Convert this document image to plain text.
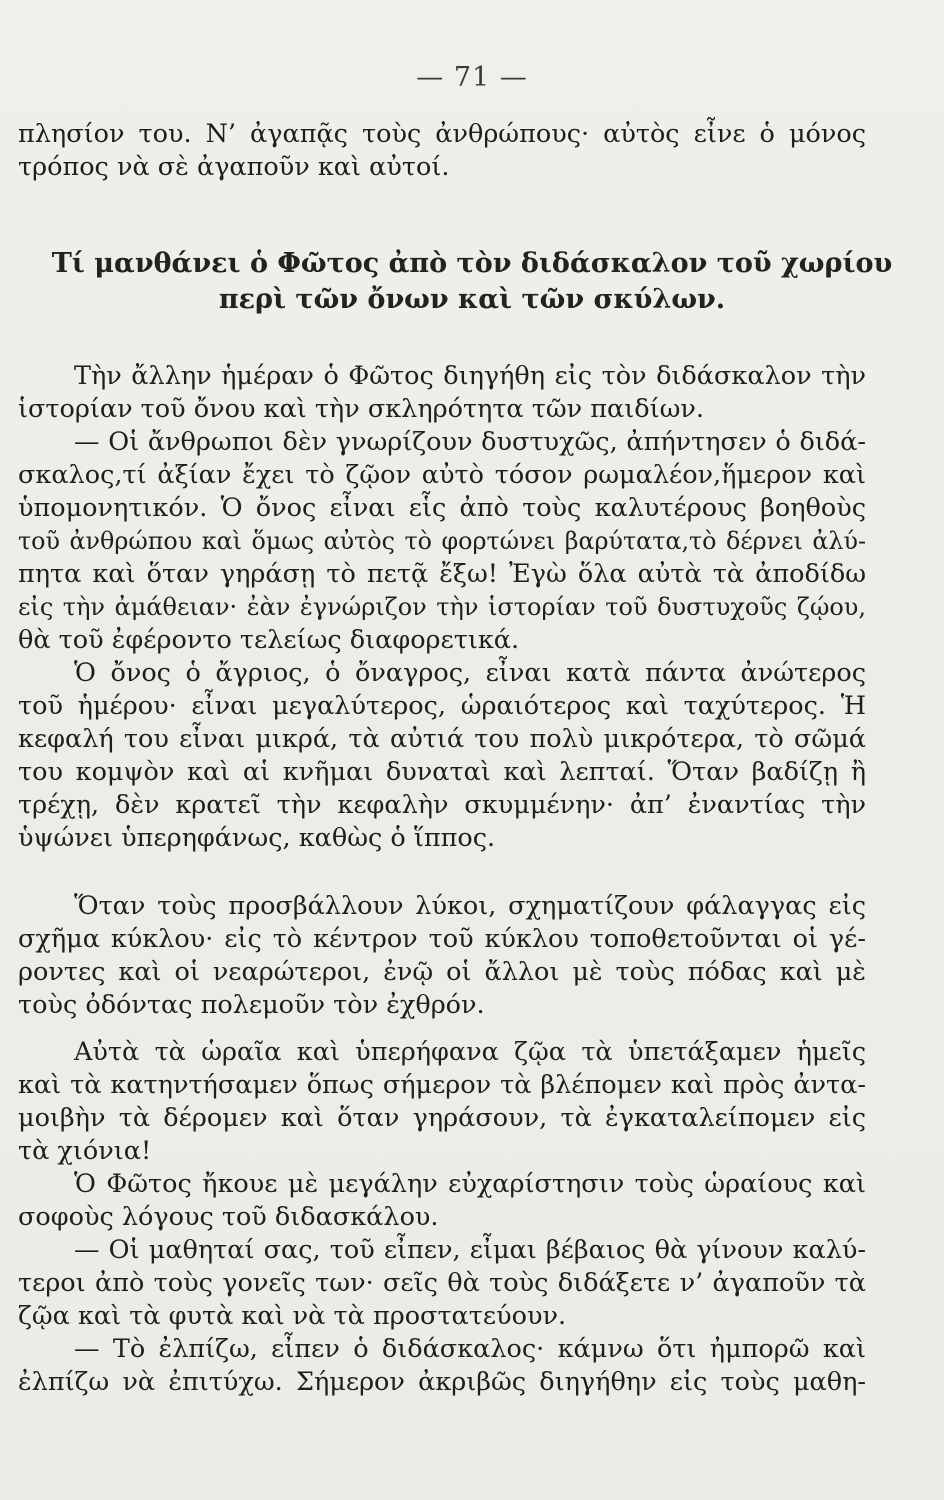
— 71 —
πλησίον του. Ν’ ἀγαπᾷς τοὺς ἀνθρώπους· αὐτὸς εἶνε ὁ μόνος
τρόπος νὰ σὲ ἀγαποῦν καὶ αὐτοί.
Τί μανθάνει ὁ Φῶτος ἀπὸ τὸν διδάσκαλον τοῦ χωρίου
περὶ τῶν ὄνων καὶ τῶν σκύλων.
Τὴν ἄλλην ἡμέραν ὁ Φῶτος διηγήθη εἰς τὸν διδάσκαλον τὴν
ἱστορίαν τοῦ ὄνου καὶ τὴν σκληρότητα τῶν παιδίων.
— Οἱ ἄνθρωποι δὲν γνωρίζουν δυστυχῶς, ἀπήντησεν ὁ διδά-
σκαλος,τί ἀξίαν ἔχει τὸ ζῷον αὐτὸ τόσον ρωμαλέον,ἥμερον καὶ
ὑπομονητικόν. Ὁ ὄνος εἶναι εἷς ἀπὸ τοὺς καλυτέρους βοηθοὺς
τοῦ ἀνθρώπου καὶ ὅμως αὐτὸς τὸ φορτώνει βαρύτατα,τὸ δέρνει ἀλύ-
πητα καὶ ὅταν γηράσῃ τὸ πετᾷ ἔξω! Ἐγὼ ὅλα αὐτὰ τὰ ἀποδίδω
εἰς τὴν ἀμάθειαν· ἐὰν ἐγνώριζον τὴν ἱστορίαν τοῦ δυστυχοῦς ζῴου,
θὰ τοῦ ἐφέροντο τελείως διαφορετικά.
Ὁ ὄνος ὁ ἄγριος, ὁ ὄναγρος, εἶναι κατὰ πάντα ἀνώτερος
τοῦ ἡμέρου· εἶναι μεγαλύτερος, ὡραιότερος καὶ ταχύτερος. Ἡ
κεφαλή του εἶναι μικρά, τὰ αὐτιά του πολὺ μικρότερα, τὸ σῶμά
του κομψὸν καὶ αἱ κνῆμαι δυναταὶ καὶ λεπταί. Ὅταν βαδίζῃ ἢ
τρέχῃ, δὲν κρατεῖ τὴν κεφαλὴν σκυμμένην· ἀπ’ ἐναντίας τὴν
ὑψώνει ὑπερηφάνως, καθὼς ὁ ἵππος.
Ὅταν τοὺς προσβάλλουν λύκοι, σχηματίζουν φάλαγγας εἰς
σχῆμα κύκλου· εἰς τὸ κέντρον τοῦ κύκλου τοποθετοῦνται οἱ γέ-
ροντες καὶ οἱ νεαρώτεροι, ἐνῷ οἱ ἄλλοι μὲ τοὺς πόδας καὶ μὲ
τοὺς ὀδόντας πολεμοῦν τὸν ἐχθρόν.
Αὐτὰ τὰ ὡραῖα καὶ ὑπερήφανα ζῷα τὰ ὑπετάξαμεν ἡμεῖς
καὶ τὰ κατηντήσαμεν ὅπως σήμερον τὰ βλέπομεν καὶ πρὸς ἀντα-
μοιβὴν τὰ δέρομεν καὶ ὅταν γηράσουν, τὰ ἐγκαταλείπομεν εἰς
τὰ χιόνια!
Ὁ Φῶτος ἤκουε μὲ μεγάλην εὐχαρίστησιν τοὺς ὡραίους καὶ
σοφοὺς λόγους τοῦ διδασκάλου.
— Οἱ μαθηταί σας, τοῦ εἶπεν, εἶμαι βέβαιος θὰ γίνουν καλύ-
τεροι ἀπὸ τοὺς γονεῖς των· σεῖς θὰ τοὺς διδάξετε ν’ ἀγαποῦν τὰ
ζῷα καὶ τὰ φυτὰ καὶ νὰ τὰ προστατεύουν.
— Τὸ ἐλπίζω, εἶπεν ὁ διδάσκαλος· κάμνω ὅτι ἠμπορῶ καὶ
ἐλπίζω νὰ ἐπιτύχω. Σήμερον ἀκριβῶς διηγήθην εἰς τοὺς μαθη-
